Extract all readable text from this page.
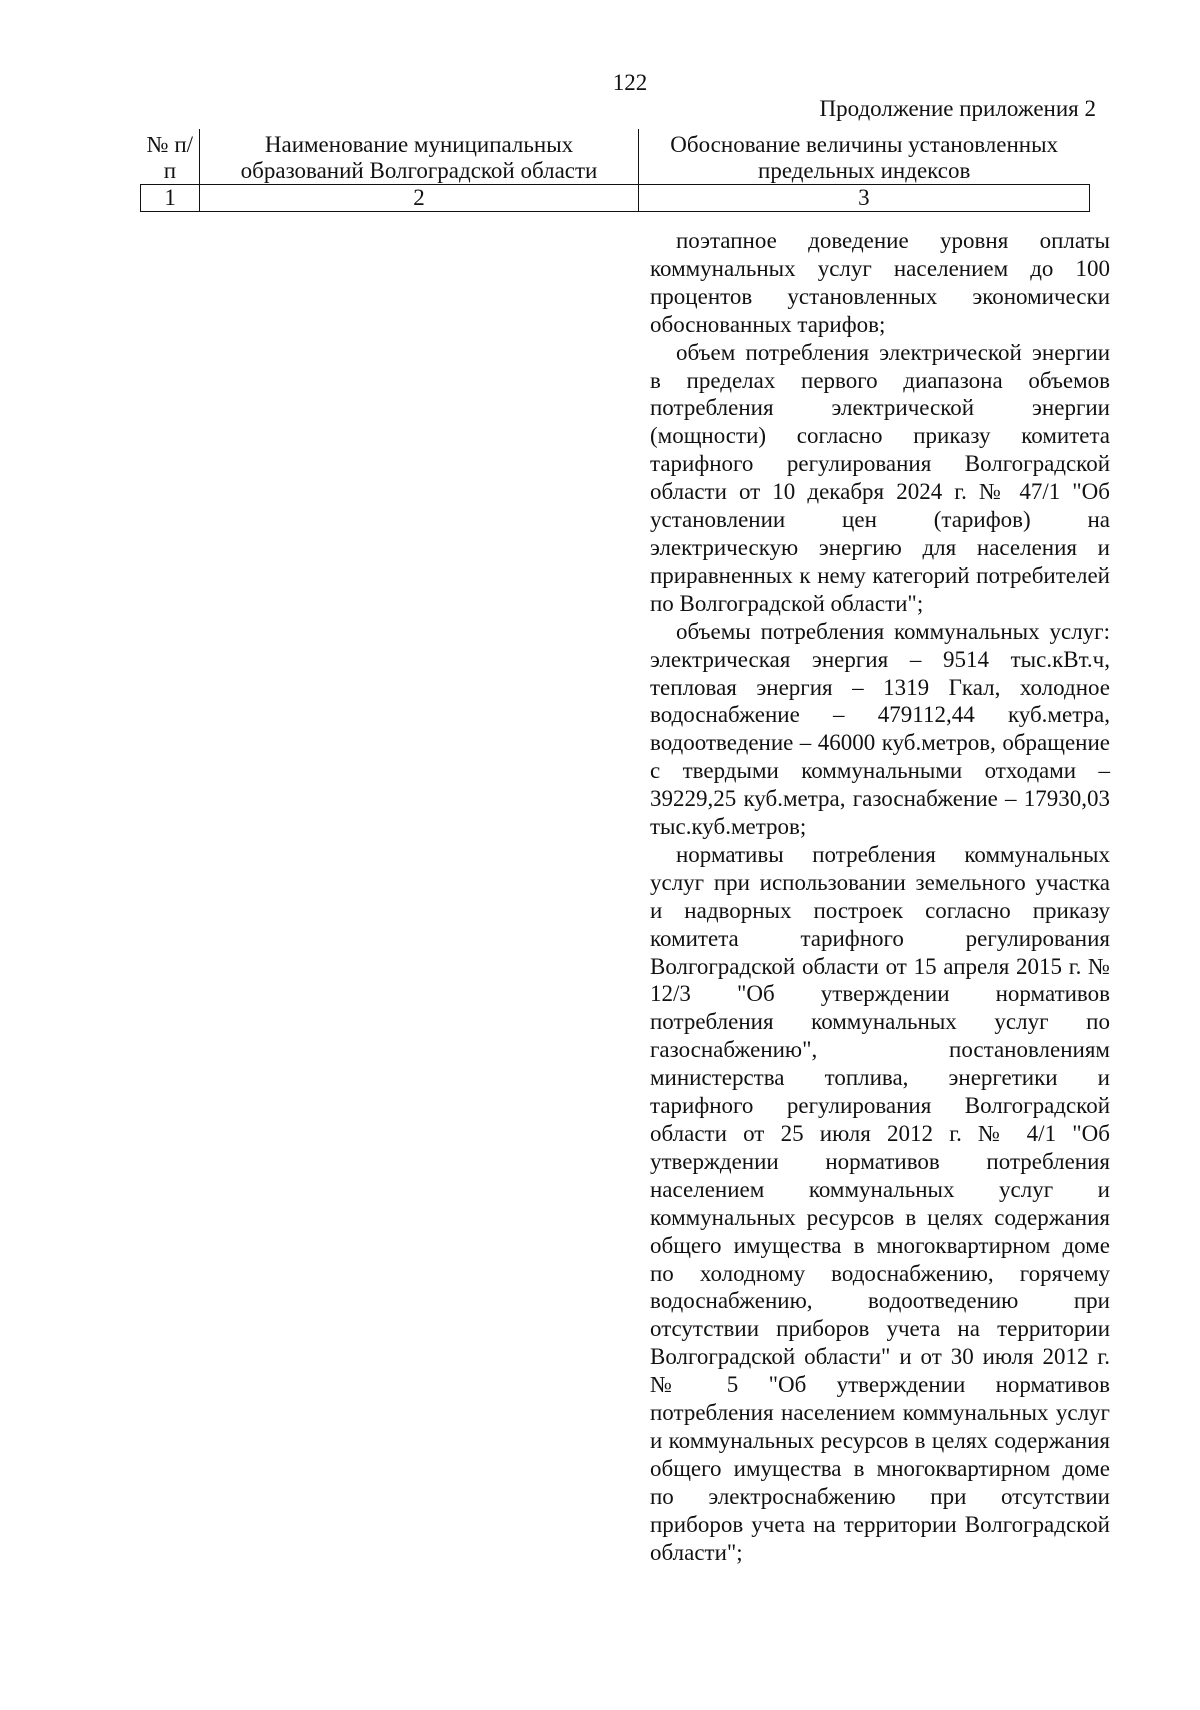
122
Продолжение приложения 2
№ п/п	Наименование муниципальных образований Волгоградской области	Обоснование величины установленных предельных индексов
1	2	3

поэтапное доведение уровня оплаты коммунальных услуг населением до 100 процентов установленных экономически обоснованных тарифов;

объем потребления электрической энергии в пределах первого диапазона объемов потребления электрической энергии (мощности) согласно приказу комитета тарифного регулирования Волгоградской области от 10 декабря 2024 г. № 47/1 "Об установлении цен (тарифов) на электрическую энергию для населения и приравненных к нему категорий потребителей по Волгоградской области";

объемы потребления коммунальных услуг: электрическая энергия – 9514 тыс.кВт.ч, тепловая энергия – 1319 Гкал, холодное водоснабжение – 479112,44 куб.метра, водоотведение – 46000 куб.метров, обращение с твердыми коммунальными отходами – 39229,25 куб.метра, газоснабжение – 17930,03 тыс.куб.метров;

нормативы потребления коммунальных услуг при использовании земельного участка и надворных построек согласно приказу комитета тарифного регулирования Волгоградской области от 15 апреля 2015 г. № 12/3 "Об утверждении нормативов потребления коммунальных услуг по газоснабжению", постановлениям министерства топлива, энергетики и тарифного регулирования Волгоградской области от 25 июля 2012 г. № 4/1 "Об утверждении нормативов потребления населением коммунальных услуг и коммунальных ресурсов в целях содержания общего имущества в многоквартирном доме по холодному водоснабжению, горячему водоснабжению, водоотведению при отсутствии приборов учета на территории Волгоградской области" и от 30 июля 2012 г. № 5 "Об утверждении нормативов потребления населением коммунальных услуг и коммунальных ресурсов в целях содержания общего имущества в многоквартирном доме по электроснабжению при отсутствии приборов учета на территории Волгоградской области";
